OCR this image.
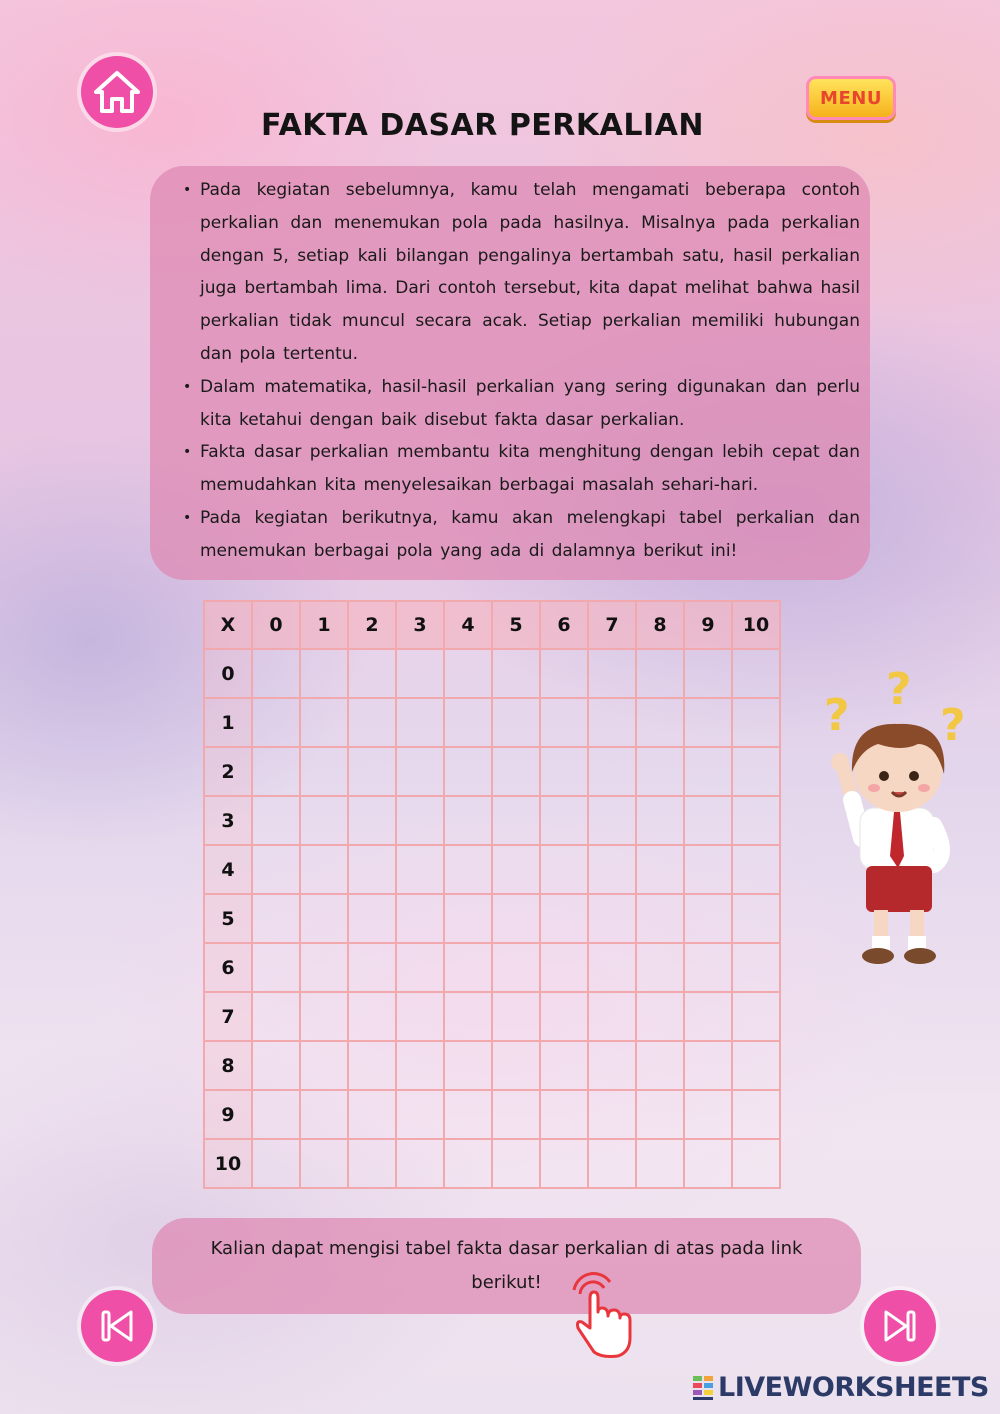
MENU
FAKTA DASAR PERKALIAN
• Pada kegiatan sebelumnya, kamu telah mengamati beberapa contoh perkalian dan menemukan pola pada hasilnya. Misalnya pada perkalian dengan 5, setiap kali bilangan pengalinya bertambah satu, hasil perkalian juga bertambah lima. Dari contoh tersebut, kita dapat melihat bahwa hasil perkalian tidak muncul secara acak. Setiap perkalian memiliki hubungan dan pola tertentu.
• Dalam matematika, hasil-hasil perkalian yang sering digunakan dan perlu kita ketahui dengan baik disebut fakta dasar perkalian.
• Fakta dasar perkalian membantu kita menghitung dengan lebih cepat dan memudahkan kita menyelesaikan berbagai masalah sehari-hari.
• Pada kegiatan berikutnya, kamu akan melengkapi tabel perkalian dan menemukan berbagai pola yang ada di dalamnya berikut ini!
X	0	1	2	3	4	5	6	7	8	9	10
0											
1											
2											
3											
4											
5											
6											
7											
8											
9											
10											
?
?
?
Kalian dapat mengisi tabel fakta dasar perkalian di atas pada link berikut!
LIVEWORKSHEETS
